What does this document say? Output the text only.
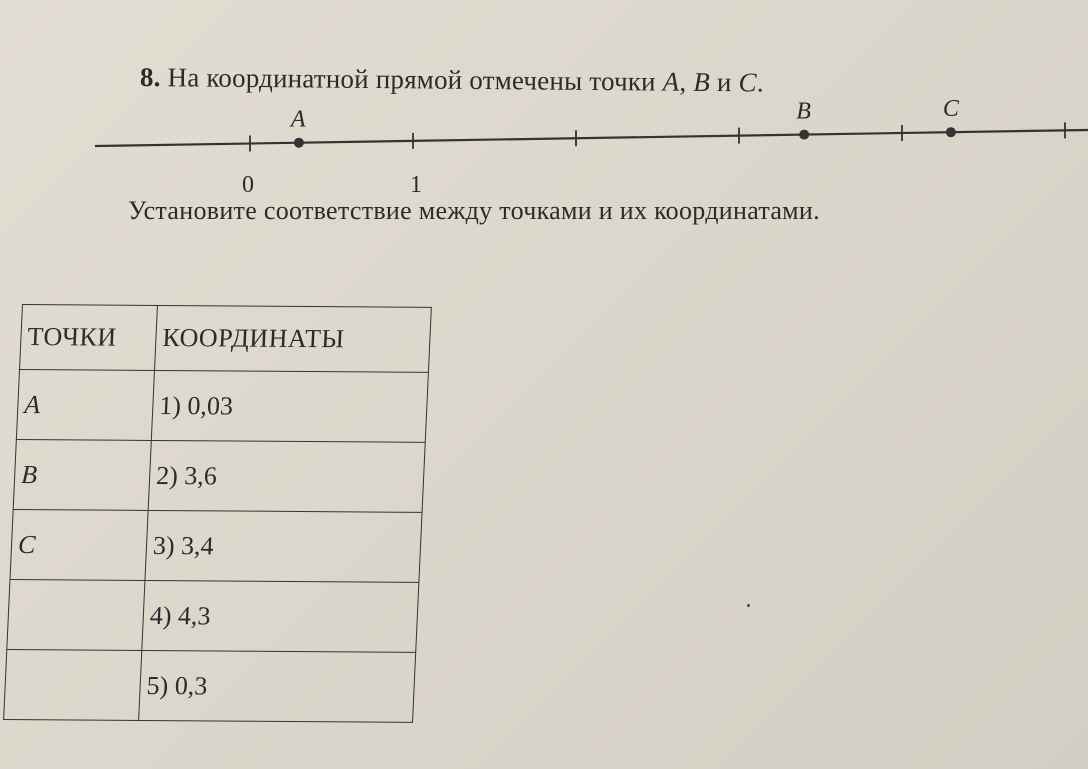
8. На координатной прямой отмечены точки A, B и C.
A	B	C
0	1
Установите соответствие между точками и их координатами.
ТОЧКИ	КООРДИНАТЫ
A	1) 0,03
B	2) 3,6
C	3) 3,4
	4) 4,3
	5) 0,3
